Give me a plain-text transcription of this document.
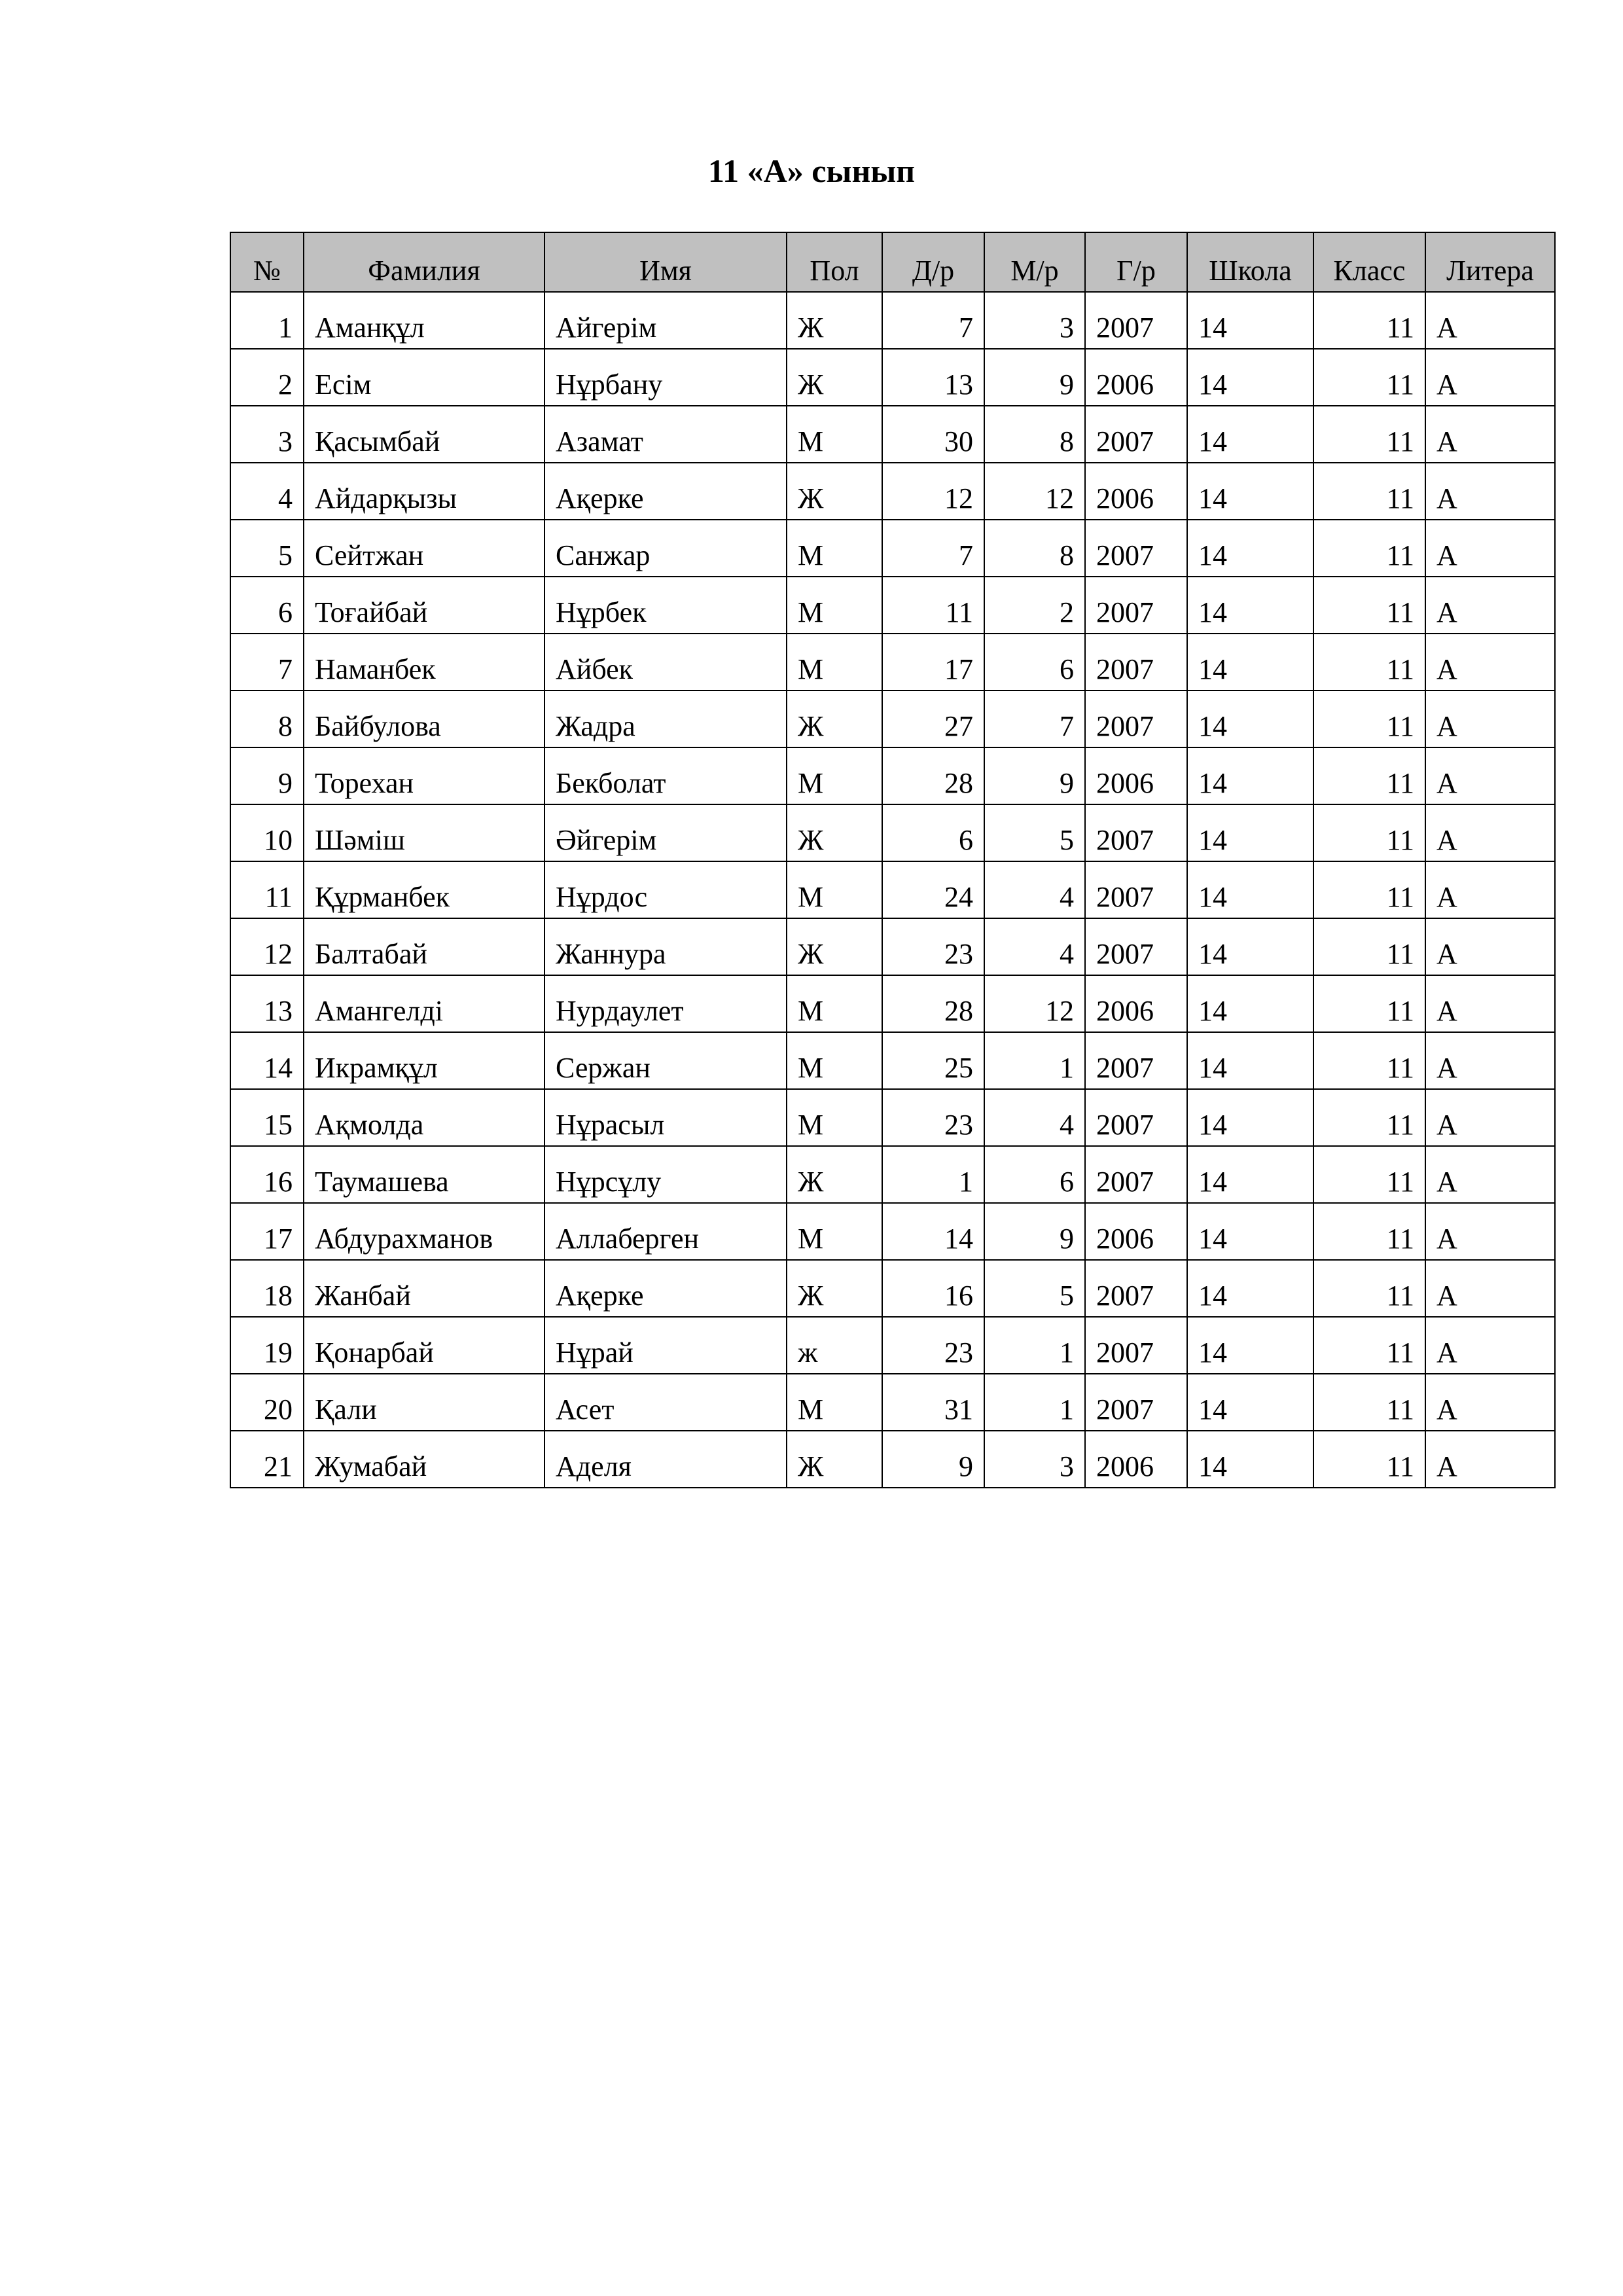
11 «А» сынып
№	Фамилия	Имя	Пол	Д/р	М/р	Г/р	Школа	Класс	Литера
1	Аманқұл	Айгерім	Ж	7	3	2007	14	11	А
2	Есім	Нұрбану	Ж	13	9	2006	14	11	А
3	Қасымбай	Азамат	М	30	8	2007	14	11	А
4	Айдарқызы	Ақерке	Ж	12	12	2006	14	11	А
5	Сейтжан	Санжар	М	7	8	2007	14	11	А
6	Тоғайбай	Нұрбек	М	11	2	2007	14	11	А
7	Наманбек	Айбек	М	17	6	2007	14	11	А
8	Байбулова	Жадра	Ж	27	7	2007	14	11	А
9	Торехан	Бекболат	М	28	9	2006	14	11	А
10	Шәміш	Әйгерім	Ж	6	5	2007	14	11	А
11	Құрманбек	Нұрдос	М	24	4	2007	14	11	А
12	Балтабай	Жаннура	Ж	23	4	2007	14	11	А
13	Амангелді	Нурдаулет	М	28	12	2006	14	11	А
14	Икрамқұл	Сержан	М	25	1	2007	14	11	А
15	Ақмолда	Нұрасыл	М	23	4	2007	14	11	А
16	Таумашева	Нұрсұлу	Ж	1	6	2007	14	11	А
17	Абдурахманов	Аллаберген	М	14	9	2006	14	11	А
18	Жанбай	Ақерке	Ж	16	5	2007	14	11	А
19	Қонарбай	Нұрай	ж	23	1	2007	14	11	А
20	Қали	Асет	М	31	1	2007	14	11	А
21	Жумабай	Аделя	Ж	9	3	2006	14	11	А
